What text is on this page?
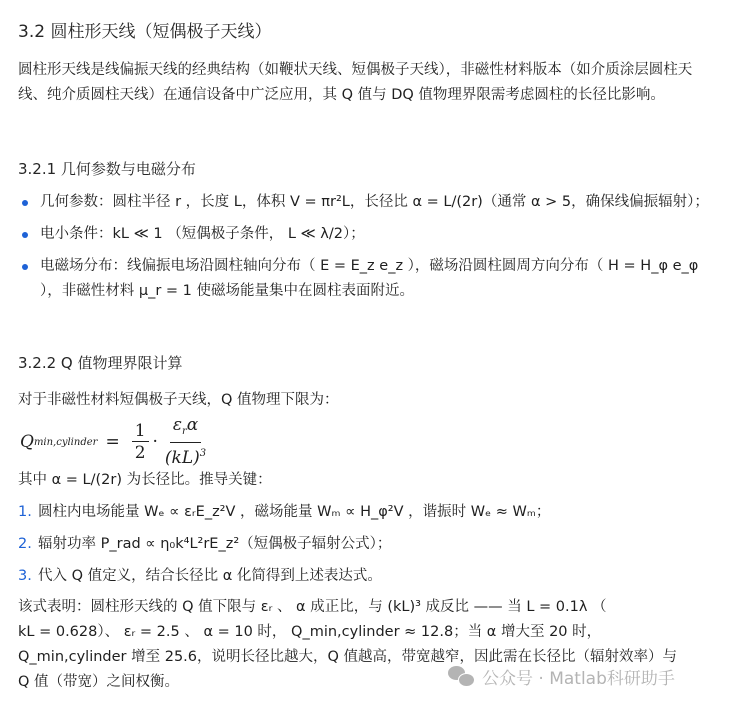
3.2 圆柱形天线（短偶极子天线）
圆柱形天线是线偏振天线的经典结构（如鞭状天线、短偶极子天线），非磁性材料版本（如介质涂层圆柱天线、纯介质圆柱天线）在通信设备中广泛应用，其 Q 值与 DQ 值物理界限需考虑圆柱的长径比影响。
3.2.1 几何参数与电磁分布
几何参数：圆柱半径 r ，长度 L，体积 V = πr²L，长径比 α = L/(2r)（通常 α > 5，确保线偏振辐射）；
电小条件：kL ≪ 1 （短偶极子条件， L ≪ λ/2）；
电磁场分布：线偏振电场沿圆柱轴向分布（ E = E_z e_z ），磁场沿圆柱圆周方向分布（ H = H_φ e_φ ），非磁性材料 μ_r = 1 使磁场能量集中在圆柱表面附近。
3.2.2 Q 值物理界限计算
对于非磁性材料短偶极子天线，Q 值物理下限为：
Q min,cylinder = $\frac{1}{2} \cdot \frac{\varepsilon_r\alpha}{(kL)^3}$
其中 α = L/(2r) 为长径比。推导关键：
1. 圆柱内电场能量 Wₑ ∝ εᵣE_z²V ，磁场能量 Wₘ ∝ H_φ²V ，谐振时 Wₑ ≈ Wₘ；
2. 辐射功率 P_rad ∝ η₀k⁴L²rE_z²（短偶极子辐射公式）；
3. 代入 Q 值定义，结合长径比 α 化简得到上述表达式。
该式表明：圆柱形天线的 Q 值下限与 εᵣ 、 α 成正比，与 (kL)³ 成反比 —— 当 L = 0.1λ （
kL = 0.628）、 εᵣ = 2.5 、 α = 10 时， Q_min,cylinder ≈ 12.8；当 α 增大至 20 时，
Q_min,cylinder 增至 25.6，说明长径比越大，Q 值越高，带宽越窄，因此需在长径比（辐射效率）与
Q 值（带宽）之间权衡。	公众号 · Matlab科研助手
